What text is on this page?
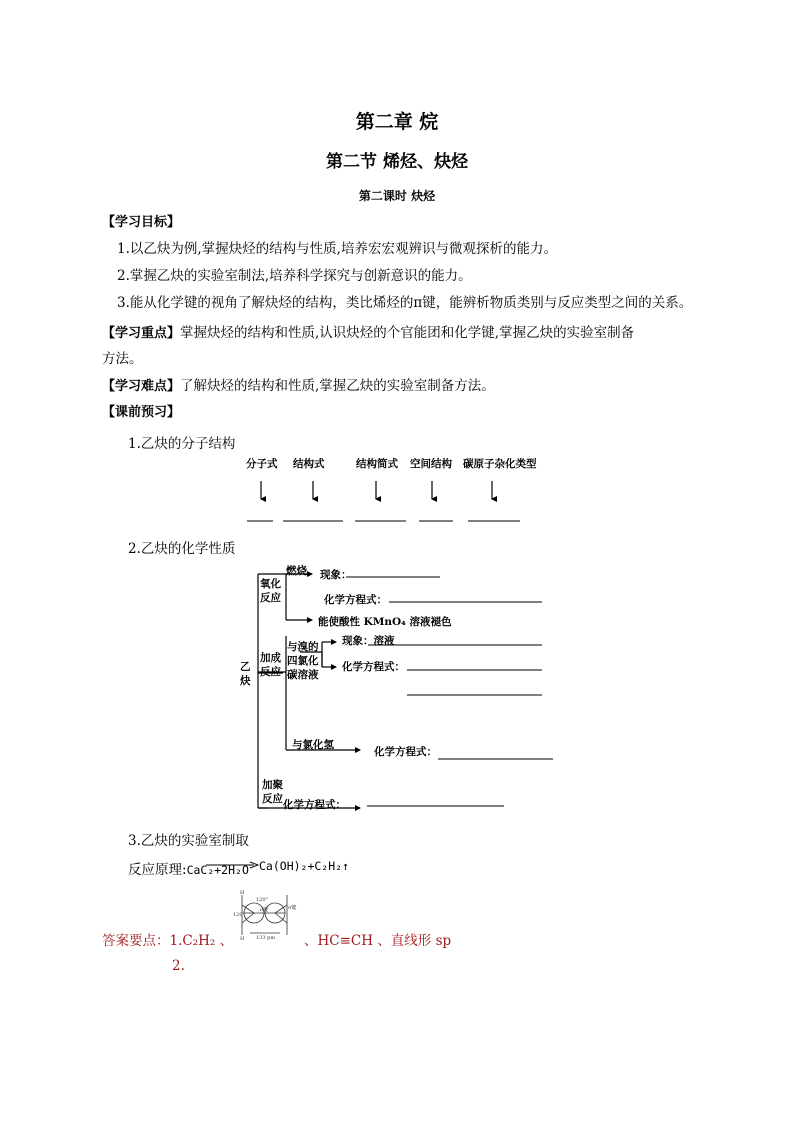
第二章 烷
第二节 烯烃、炔烃
第二课时 炔烃
【学习目标】
1.以乙炔为例,掌握炔烃的结构与性质,培养宏宏观辨识与微观探析的能力。
2.掌握乙炔的实验室制法,培养科学探究与创新意识的能力。
3.能从化学键的视角了解炔烃的结构，类比烯烃的π键，能辨析物质类别与反应类型之间的关系。
【学习重点】掌握炔烃的结构和性质,认识炔烃的个官能团和化学键,掌握乙炔的实验室制备
方法。
【学习难点】了解炔烃的结构和性质,掌握乙炔的实验室制备方法。
【课前预习】
1.乙炔的分子结构
分子式 结构式	结构简式 空间结构 碳原子杂化类型
2.乙炔的化学性质
乙炔
氧化反应
燃烧 现象：
化学方程式：
能使酸性 KMnO₄ 溶液褪色
加成反应
与溴的四氯化碳溶液
现象：溶液
化学方程式：
与氯化氢
化学方程式：
加聚反应 化学方程式：
3.乙炔的实验室制取
反应原理:CaC₂+2H₂O → Ca(OH)₂+C₂H₂↑
答案要点：1.C₂H₂ 、
H
H
120°
120°
π键	σ键
133 pm 、HC≡CH 、直线形 sp
2.
